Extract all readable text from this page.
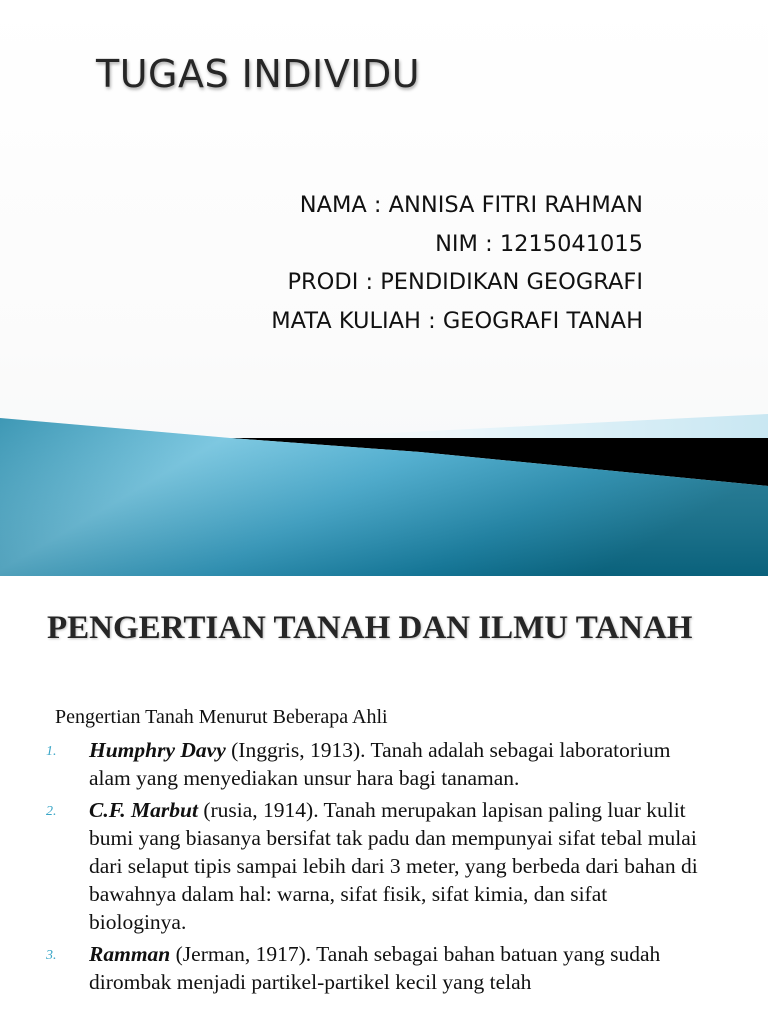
TUGAS INDIVIDU
NAMA : ANNISA FITRI RAHMAN
NIM : 1215041015
PRODI : PENDIDIKAN GEOGRAFI
MATA KULIAH : GEOGRAFI TANAH
PENGERTIAN TANAH DAN ILMU TANAH
Pengertian Tanah Menurut Beberapa Ahli
1. Humphry Davy (Inggris, 1913). Tanah adalah sebagai laboratorium alam yang menyediakan unsur hara bagi tanaman.
2. C.F. Marbut (rusia, 1914). Tanah merupakan lapisan paling luar kulit bumi yang biasanya bersifat tak padu dan mempunyai sifat tebal mulai dari selaput tipis sampai lebih dari 3 meter, yang berbeda dari bahan di bawahnya dalam hal: warna, sifat fisik, sifat kimia, dan sifat biologinya.
3. Ramman (Jerman, 1917). Tanah sebagai bahan batuan yang sudah dirombak menjadi partikel-partikel kecil yang telah
